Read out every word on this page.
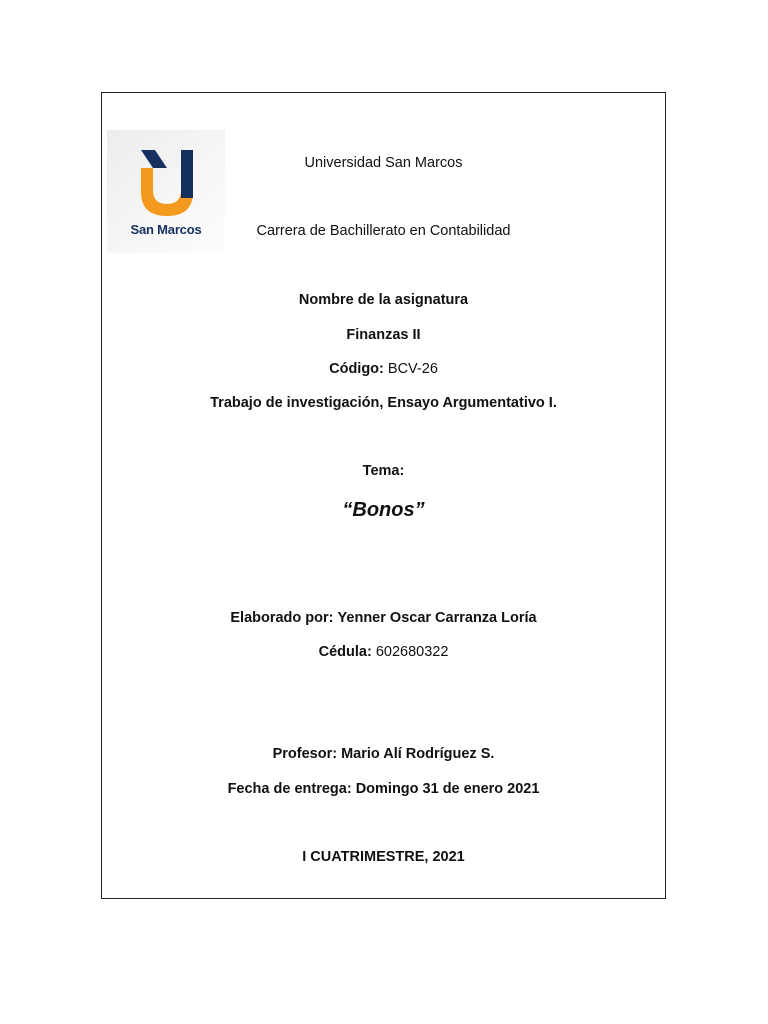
San Marcos
Universidad San Marcos
Carrera de Bachillerato en Contabilidad
Nombre de la asignatura
Finanzas II
Código: BCV-26
Trabajo de investigación, Ensayo Argumentativo I.
Tema:
“Bonos”
Elaborado por: Yenner Oscar Carranza Loría
Cédula: 602680322
Profesor: Mario Alí Rodríguez S.
Fecha de entrega: Domingo 31 de enero 2021
I CUATRIMESTRE, 2021
